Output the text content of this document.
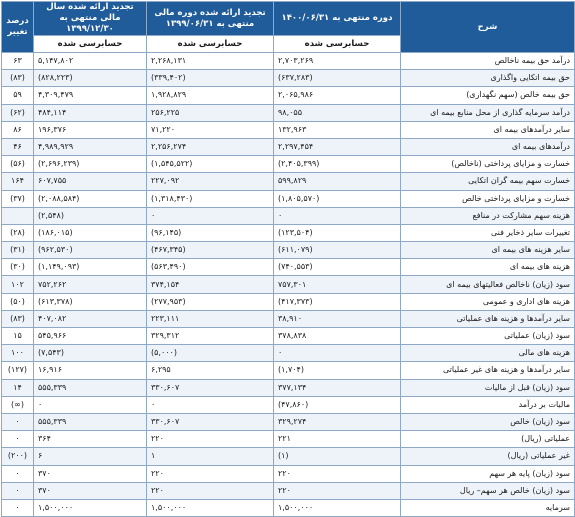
شرح	دوره منتهی به ۱۴۰۰/۰۶/۳۱	تجدید ارائه شده دوره مالی منتهی به ۱۳۹۹/۰۶/۳۱	تجدید ارائه شده سال مالی منتهی به ۱۳۹۹/۱۲/۳۰	درصد تغییر
	حسابرسی شده	حسابرسی شده	حسابرسی شده	
درآمد حق بیمه ناخالص	۲,۷۰۳,۲۶۹	۲,۲۶۸,۱۳۱	۵,۱۴۷,۸۰۲	۶۳
حق بیمه اتکایی واگذاری	(۶۳۷,۲۸۳)	(۳۳۹,۴۰۲)	(۸۲۸,۲۲۳)	(۸۳)
حق بیمه خالص (سهم نگهداری)	۲,۰۶۵,۹۸۶	۱,۹۲۸,۸۲۹	۴,۳۰۹,۴۷۹	۵۹
درآمد سرمایه گذاری از محل منابع بیمه ای	۹۸,۰۵۵	۲۵۶,۲۲۵	۴۸۴,۱۱۴	(۶۲)
سایر درآمدهای بیمه ای	۱۳۲,۹۶۳	۷۱,۲۲۰	۱۹۶,۳۷۶	۸۶
درآمدهای بیمه ای	۲,۲۹۷,۴۵۴	۲,۲۵۶,۲۷۴	۴,۹۸۹,۹۲۹	۴۶
خسارت و مزایای پرداختی (ناخالص)	(۲,۴۰۵,۳۹۹)	(۱,۵۴۵,۵۲۲)	(۲,۶۹۶,۲۳۹)	(۵۶)
خسارت سهم بیمه گران اتکایی	۵۹۹,۸۲۹	۲۲۷,۰۹۲	۶۰۷,۷۵۵	۱۶۴
خسارت و مزایای پرداختی خالص	(۱,۸۰۵,۵۷۰)	(۱,۳۱۸,۴۳۰)	(۲,۰۸۸,۵۸۴)	(۳۷)
هزینه سهم مشارکت در منافع	۰	۰	(۲,۵۴۸)	
تغییرات سایر ذخایر فنی	(۱۲۳,۵۰۴)	(۹۶,۱۴۵)	(۱۸۶,۰۱۵)	(۲۸)
سایر هزینه های بیمه ای	(۶۱۱,۰۷۹)	(۴۶۷,۳۴۵)	(۹۶۲,۵۳۰)	(۳۱)
هزینه های بیمه ای	(۷۴۰,۵۵۳)	(۵۶۳,۴۹۰)	(۱,۱۴۹,۰۹۳)	(۳۰)
سود (زیان) ناخالص فعالیتهای بیمه ای	۷۵۷,۳۰۱	۳۷۴,۱۵۴	۷۵۲,۲۶۲	۱۰۲
هزینه های اداری و عمومی	(۴۱۷,۳۷۳)	(۲۷۷,۹۵۳)	(۶۱۳,۳۷۸)	(۵۰)
سایر درآمدها و هزینه های عملیاتی	۳۸,۹۱۰	۲۲۳,۱۱۱	۴۰۷,۰۸۲	(۸۳)
سود (زیان) عملیاتی	۳۷۸,۸۳۸	۳۲۹,۳۱۲	۵۴۵,۹۶۶	۱۵
هزینه های مالی	۰	(۵,۰۰۰)	(۷,۵۴۳)	۱۰۰
سایر درآمدها و هزینه های غیر عملیاتی	(۱,۷۰۴)	۶,۲۹۵	۱۶,۹۱۶	(۱۲۷)
سود (زیان) قبل از مالیات	۳۷۷,۱۳۴	۳۳۰,۶۰۷	۵۵۵,۳۳۹	۱۴
مالیات بر درآمد	(۴۷,۸۶۰)	۰	۰	(∞)
سود (زیان) خالص	۳۲۹,۲۷۴	۳۳۰,۶۰۷	۵۵۵,۳۳۹	۰
عملیاتی (ریال)	۲۲۱	۲۲۰	۳۶۴	۰
غیر عملیاتی (ریال)	(۱)	۱	۶	(۲۰۰)
سود (زیان) پایه هر سهم	۲۲۰	۲۲۰	۳۷۰	۰
سود (زیان) خالص هر سهم– ریال	۲۲۰	۲۲۰	۳۷۰	۰
سرمایه	۱,۵۰۰,۰۰۰	۱,۵۰۰,۰۰۰	۱,۵۰۰,۰۰۰	۰
